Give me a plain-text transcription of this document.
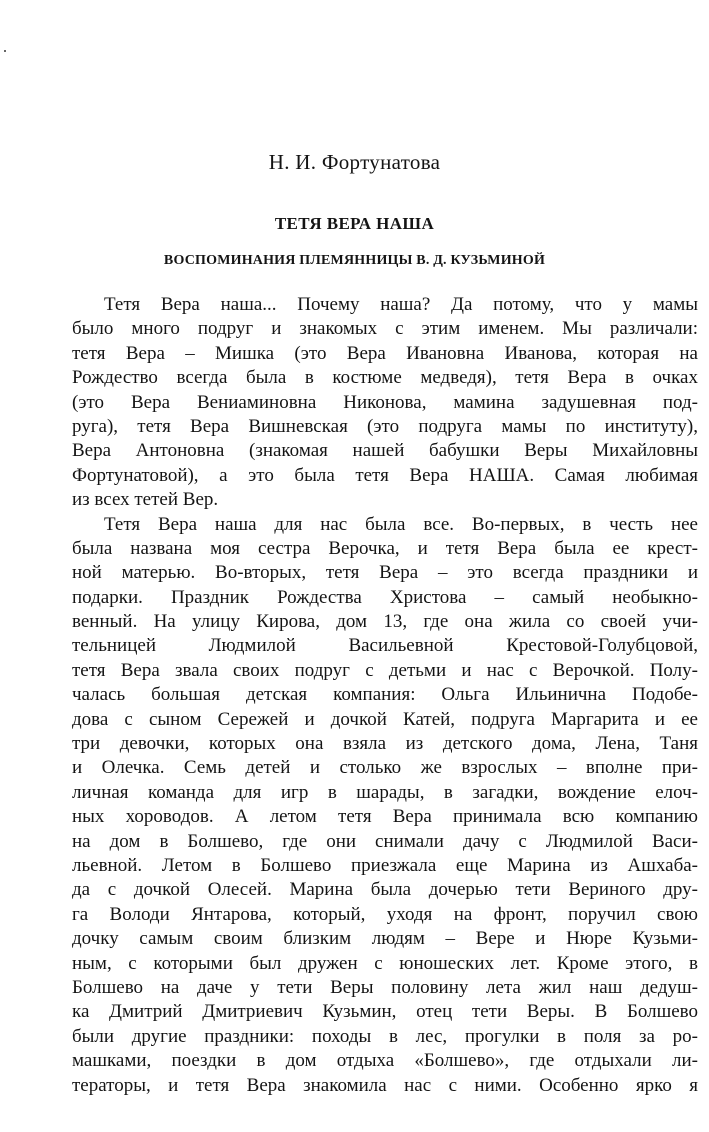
Н. И. Фортунатова
ТЕТЯ ВЕРА НАША
ВОСПОМИНАНИЯ ПЛЕМЯННИЦЫ В. Д. КУЗЬМИНОЙ
Тетя Вера наша... Почему наша? Да потому, что у мамы
было много подруг и знакомых с этим именем. Мы различали:
тетя Вера – Мишка (это Вера Ивановна Иванова, которая на
Рождество всегда была в костюме медведя), тетя Вера в очках
(это Вера Вениаминовна Никонова, мамина задушевная под-
руга), тетя Вера Вишневская (это подруга мамы по институту),
Вера Антоновна (знакомая нашей бабушки Веры Михайловны
Фортунатовой), а это была тетя Вера НАША. Самая любимая
из всех тетей Вер.
Тетя Вера наша для нас была все. Во-первых, в честь нее
была названа моя сестра Верочка, и тетя Вера была ее крест-
ной матерью. Во-вторых, тетя Вера – это всегда праздники и
подарки. Праздник Рождества Христова – самый необыкно-
венный. На улицу Кирова, дом 13, где она жила со своей учи-
тельницей Людмилой Васильевной Крестовой-Голубцовой,
тетя Вера звала своих подруг с детьми и нас с Верочкой. Полу-
чалась большая детская компания: Ольга Ильинична Подобе-
дова с сыном Сережей и дочкой Катей, подруга Маргарита и ее
три девочки, которых она взяла из детского дома, Лена, Таня
и Олечка. Семь детей и столько же взрослых – вполне при-
личная команда для игр в шарады, в загадки, вождение елоч-
ных хороводов. А летом тетя Вера принимала всю компанию
на дом в Болшево, где они снимали дачу с Людмилой Васи-
льевной. Летом в Болшево приезжала еще Марина из Ашхаба-
да с дочкой Олесей. Марина была дочерью тети Вериного дру-
га Володи Янтарова, который, уходя на фронт, поручил свою
дочку самым своим близким людям – Вере и Нюре Кузьми-
ным, с которыми был дружен с юношеских лет. Кроме этого, в
Болшево на даче у тети Веры половину лета жил наш дедуш-
ка Дмитрий Дмитриевич Кузьмин, отец тети Веры. В Болшево
были другие праздники: походы в лес, прогулки в поля за ро-
машками, поездки в дом отдыха «Болшево», где отдыхали ли-
тераторы, и тетя Вера знакомила нас с ними. Особенно ярко я
